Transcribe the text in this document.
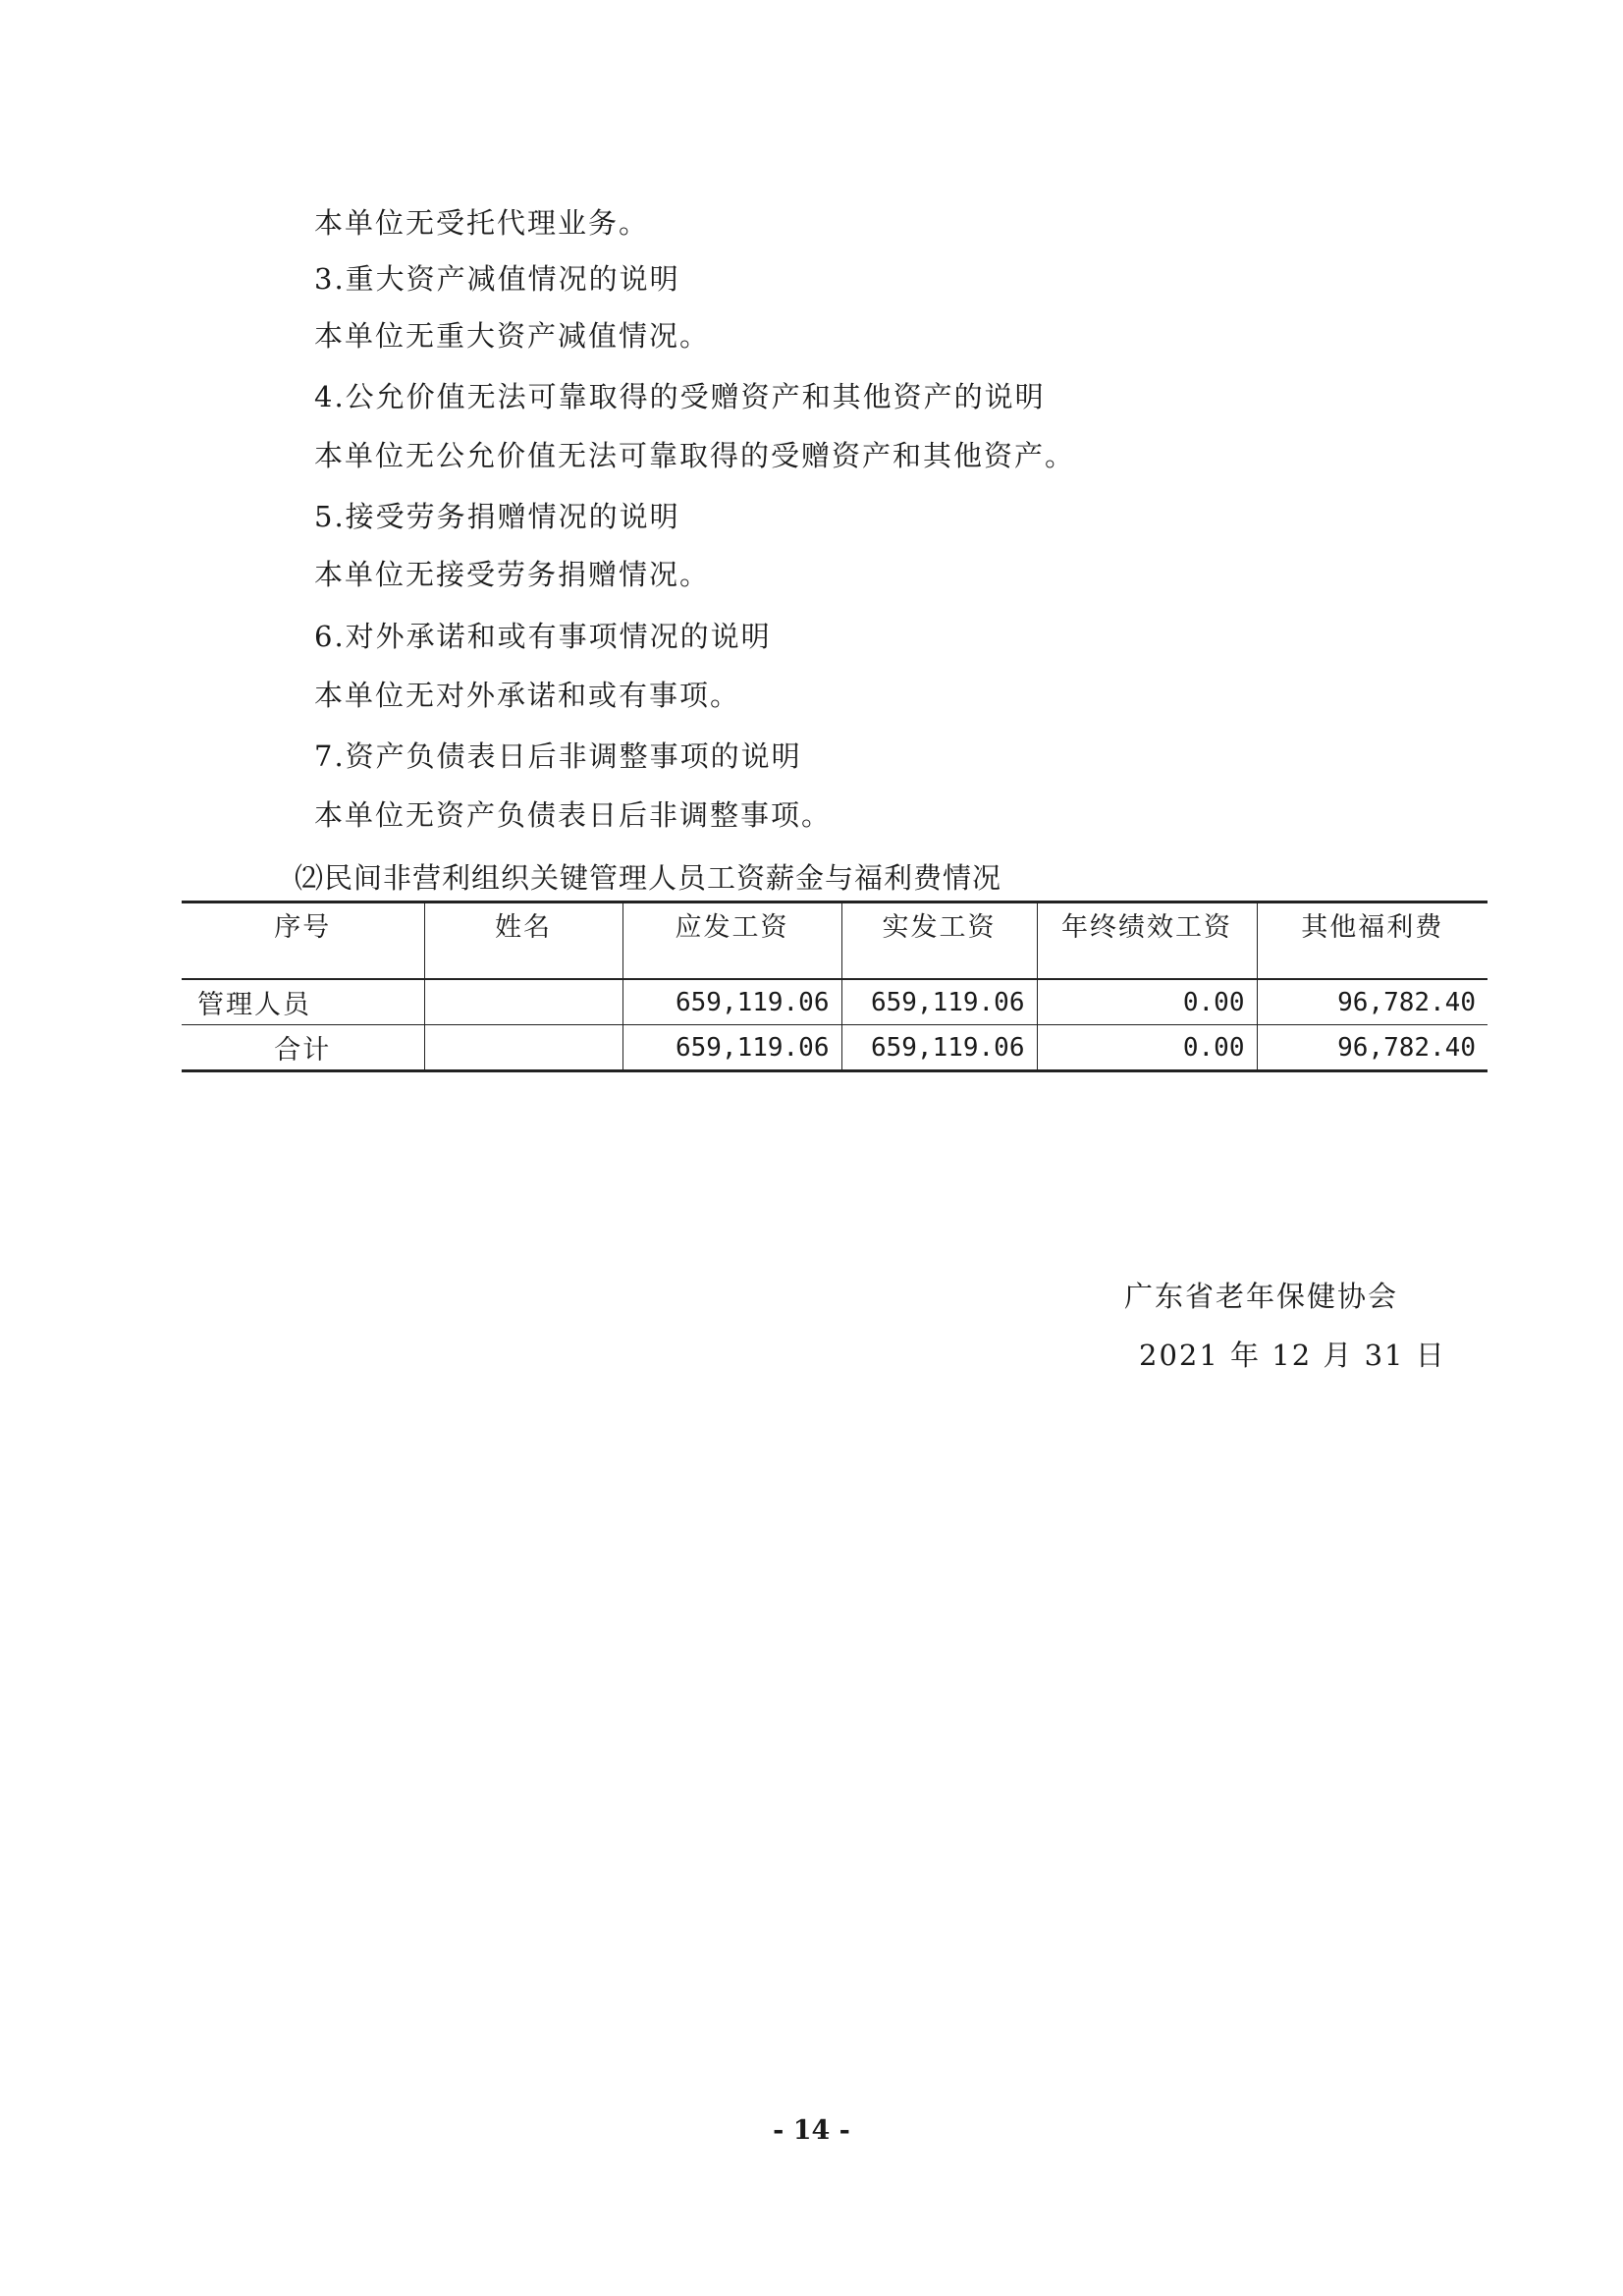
本单位无受托代理业务。
3.重大资产减值情况的说明
本单位无重大资产减值情况。
4.公允价值无法可靠取得的受赠资产和其他资产的说明
本单位无公允价值无法可靠取得的受赠资产和其他资产。
5.接受劳务捐赠情况的说明
本单位无接受劳务捐赠情况。
6.对外承诺和或有事项情况的说明
本单位无对外承诺和或有事项。
7.资产负债表日后非调整事项的说明
本单位无资产负债表日后非调整事项。
⑵民间非营利组织关键管理人员工资薪金与福利费情况
序号	姓名	应发工资	实发工资	年终绩效工资	其他福利费
管理人员		659,119.06	659,119.06	0.00	96,782.40
合计		659,119.06	659,119.06	0.00	96,782.40
广东省老年保健协会
2021 年 12 月 31 日
- 14 -
